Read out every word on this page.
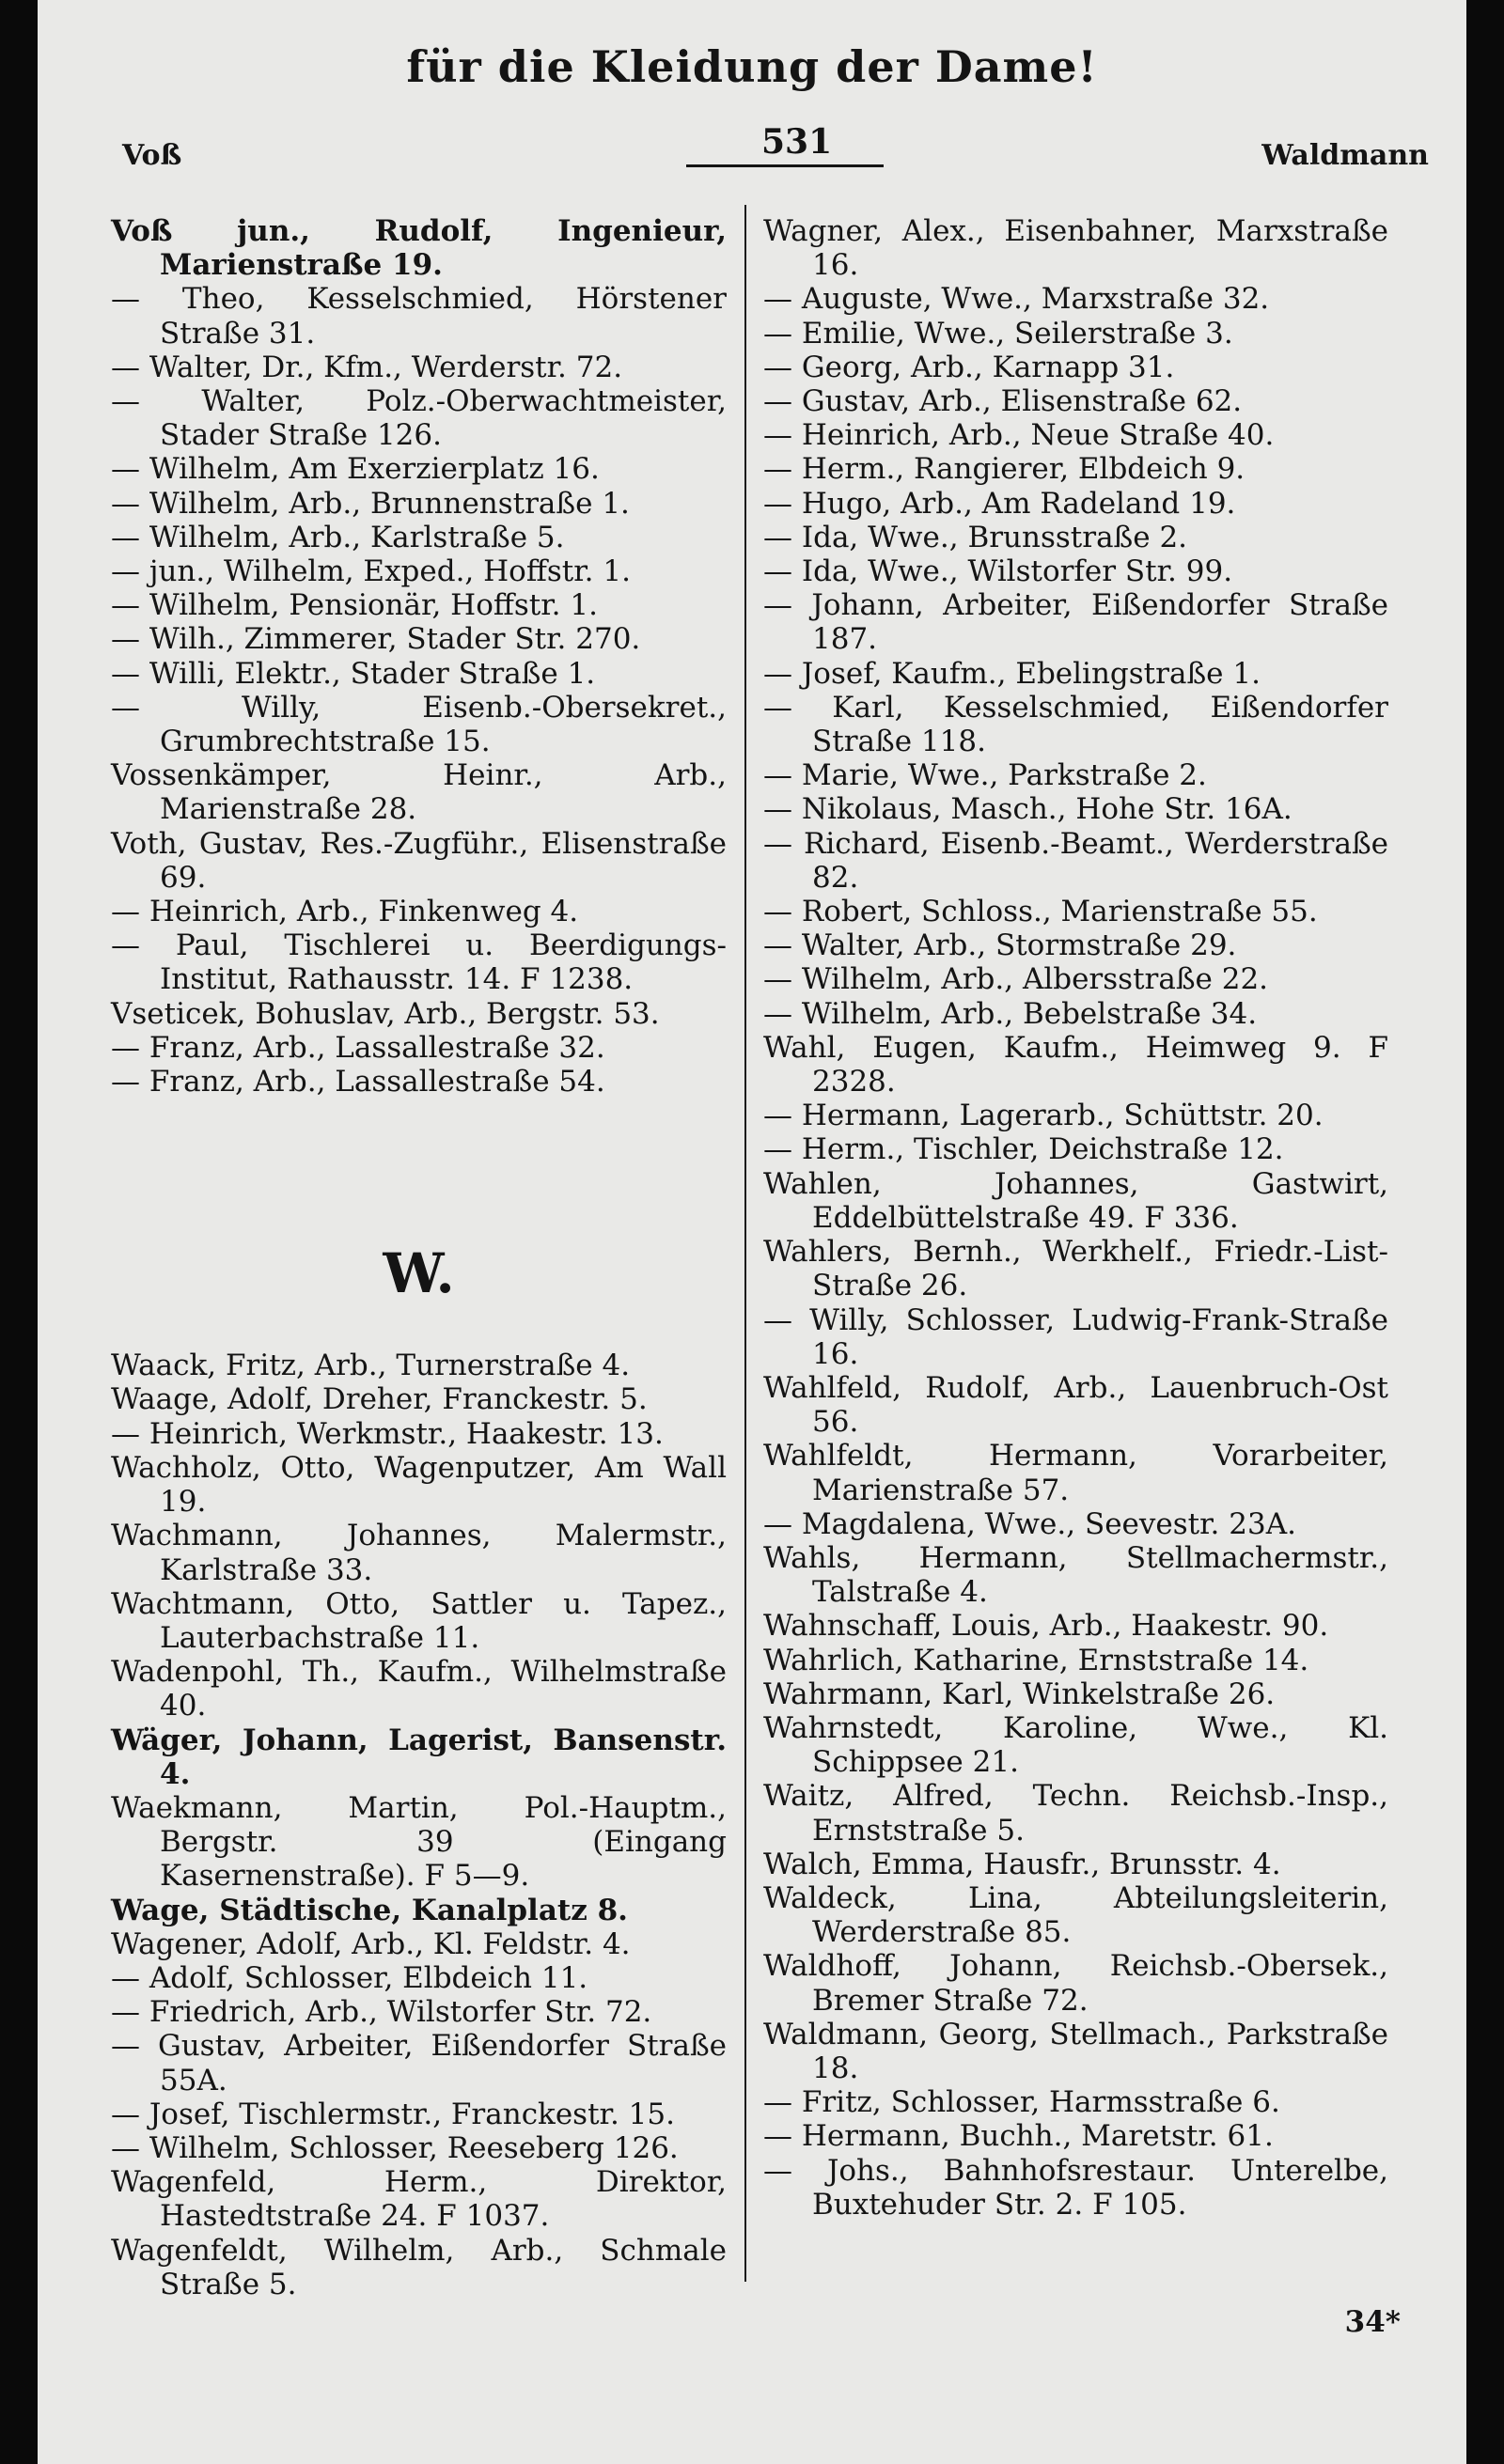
für die Kleidung der Dame!
Voß	531	Waldmann
Voß jun., Rudolf, Ingenieur, Marienstraße 19.
— Theo, Kesselschmied, Hörstener Straße 31.
— Walter, Dr., Kfm., Werderstr. 72.
— Walter, Polz.-Oberwachtmeister, Stader Straße 126.
— Wilhelm, Am Exerzierplatz 16.
— Wilhelm, Arb., Brunnenstraße 1.
— Wilhelm, Arb., Karlstraße 5.
— jun., Wilhelm, Exped., Hoffstr. 1.
— Wilhelm, Pensionär, Hoffstr. 1.
— Wilh., Zimmerer, Stader Str. 270.
— Willi, Elektr., Stader Straße 1.
— Willy, Eisenb.-Obersekret., Grumbrechtstraße 15.
Vossenkämper, Heinr., Arb., Marienstraße 28.
Voth, Gustav, Res.-Zugführ., Elisenstraße 69.
— Heinrich, Arb., Finkenweg 4.
— Paul, Tischlerei u. Beerdigungs-Institut, Rathausstr. 14. F 1238.
Vseticek, Bohuslav, Arb., Bergstr. 53.
— Franz, Arb., Lassallestraße 32.
— Franz, Arb., Lassallestraße 54.
W.
Waack, Fritz, Arb., Turnerstraße 4.
Waage, Adolf, Dreher, Franckestr. 5.
— Heinrich, Werkmstr., Haakestr. 13.
Wachholz, Otto, Wagenputzer, Am Wall 19.
Wachmann, Johannes, Malermstr., Karlstraße 33.
Wachtmann, Otto, Sattler u. Tapez., Lauterbachstraße 11.
Wadenpohl, Th., Kaufm., Wilhelmstraße 40.
Wäger, Johann, Lagerist, Bansenstr. 4.
Waekmann, Martin, Pol.-Hauptm., Bergstr. 39 (Eingang Kasernenstraße). F 5—9.
Wage, Städtische, Kanalplatz 8.
Wagener, Adolf, Arb., Kl. Feldstr. 4.
— Adolf, Schlosser, Elbdeich 11.
— Friedrich, Arb., Wilstorfer Str. 72.
— Gustav, Arbeiter, Eißendorfer Straße 55A.
— Josef, Tischlermstr., Franckestr. 15.
— Wilhelm, Schlosser, Reeseberg 126.
Wagenfeld, Herm., Direktor, Hastedtstraße 24. F 1037.
Wagenfeldt, Wilhelm, Arb., Schmale Straße 5.
Wagner, Alex., Eisenbahner, Marxstraße 16.
— Auguste, Wwe., Marxstraße 32.
— Emilie, Wwe., Seilerstraße 3.
— Georg, Arb., Karnapp 31.
— Gustav, Arb., Elisenstraße 62.
— Heinrich, Arb., Neue Straße 40.
— Herm., Rangierer, Elbdeich 9.
— Hugo, Arb., Am Radeland 19.
— Ida, Wwe., Brunsstraße 2.
— Ida, Wwe., Wilstorfer Str. 99.
— Johann, Arbeiter, Eißendorfer Straße 187.
— Josef, Kaufm., Ebelingstraße 1.
— Karl, Kesselschmied, Eißendorfer Straße 118.
— Marie, Wwe., Parkstraße 2.
— Nikolaus, Masch., Hohe Str. 16A.
— Richard, Eisenb.-Beamt., Werderstraße 82.
— Robert, Schloss., Marienstraße 55.
— Walter, Arb., Stormstraße 29.
— Wilhelm, Arb., Albersstraße 22.
— Wilhelm, Arb., Bebelstraße 34.
Wahl, Eugen, Kaufm., Heimweg 9. F 2328.
— Hermann, Lagerarb., Schüttstr. 20.
— Herm., Tischler, Deichstraße 12.
Wahlen, Johannes, Gastwirt, Eddelbüttelstraße 49. F 336.
Wahlers, Bernh., Werkhelf., Friedr.-List-Straße 26.
— Willy, Schlosser, Ludwig-Frank-Straße 16.
Wahlfeld, Rudolf, Arb., Lauenbruch-Ost 56.
Wahlfeldt, Hermann, Vorarbeiter, Marienstraße 57.
— Magdalena, Wwe., Seevestr. 23A.
Wahls, Hermann, Stellmachermstr., Talstraße 4.
Wahnschaff, Louis, Arb., Haakestr. 90.
Wahrlich, Katharine, Ernststraße 14.
Wahrmann, Karl, Winkelstraße 26.
Wahrnstedt, Karoline, Wwe., Kl. Schippsee 21.
Waitz, Alfred, Techn. Reichsb.-Insp., Ernststraße 5.
Walch, Emma, Hausfr., Brunsstr. 4.
Waldeck, Lina, Abteilungsleiterin, Werderstraße 85.
Waldhoff, Johann, Reichsb.-Obersek., Bremer Straße 72.
Waldmann, Georg, Stellmach., Parkstraße 18.
— Fritz, Schlosser, Harmsstraße 6.
— Hermann, Buchh., Maretstr. 61.
— Johs., Bahnhofsrestaur. Unterelbe, Buxtehuder Str. 2. F 105.
34*
